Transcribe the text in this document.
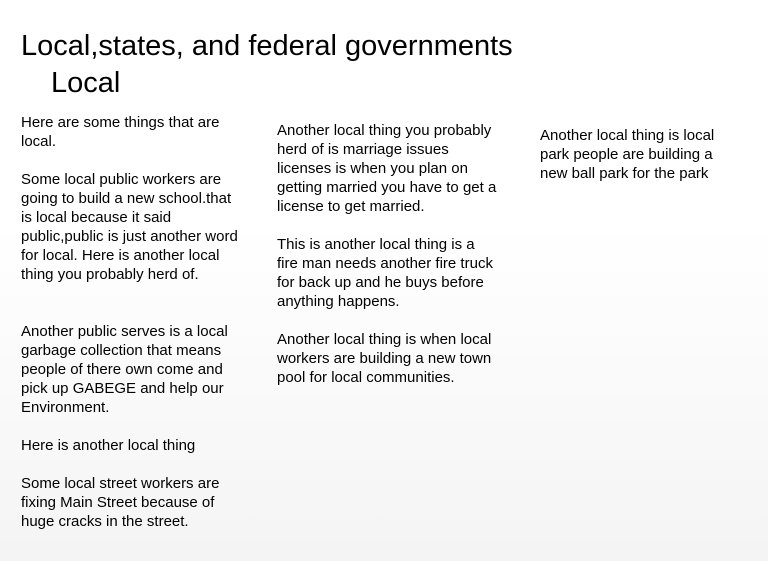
Local,states, and federal governments
Local

Here are some things that are local.

Some local public workers are going to build a new school.that is local because it said public,public is just another word for local. Here is another local thing you probably herd of.

Another public serves is a local garbage collection that means people of there own come and pick up GABEGE and help our

Environment.

Here is another local thing

Some local street workers are fixing Main Street because of huge cracks in the street.

Another local thing you probably herd of is marriage issues licenses is when you plan on getting married you have to get a license to get married.

This is another local thing is a fire man needs another fire truck for back up and he buys before anything happens.

Another local thing is when local workers are building a new town pool for local communities.

Another local thing is local park people are building a new ball park for the park
